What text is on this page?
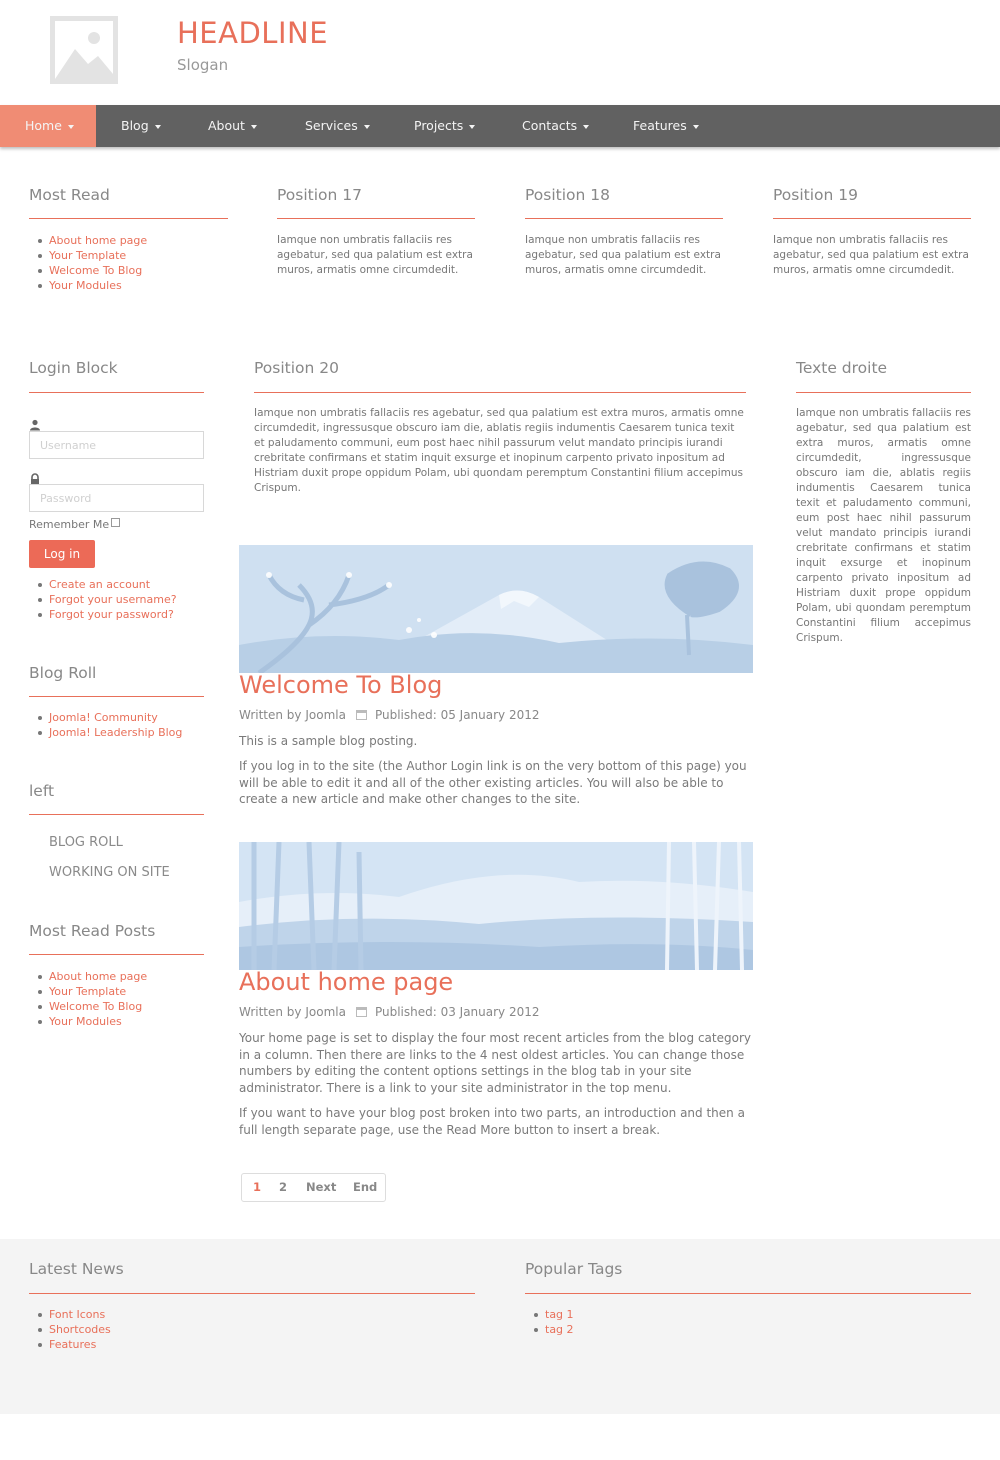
HEADLINE
Slogan
Home	Blog	About	Services	Projects	Contacts	Features
Most Read
About home page
Your Template
Welcome To Blog
Your Modules
Position 17
Iamque non umbratis fallaciis res agebatur, sed qua palatium est extra muros, armatis omne circumdedit.
Position 18
Iamque non umbratis fallaciis res agebatur, sed qua palatium est extra muros, armatis omne circumdedit.
Position 19
Iamque non umbratis fallaciis res agebatur, sed qua palatium est extra muros, armatis omne circumdedit.
Login Block
Username
Remember Me
Log in
Create an account
Forgot your username?
Forgot your password?
Blog Roll
Joomla! Community
Joomla! Leadership Blog
left
BLOG ROLL
WORKING ON SITE
Most Read Posts
About home page
Your Template
Welcome To Blog
Your Modules
Position 20
Iamque non umbratis fallaciis res agebatur, sed qua palatium est extra muros, armatis omne circumdedit, ingressusque obscuro iam die, ablatis regiis indumentis Caesarem tunica texit et paludamento communi, eum post haec nihil passurum velut mandato principis iurandi crebritate confirmans et statim inquit exsurge et inopinum carpento privato inpositum ad Histriam duxit prope oppidum Polam, ubi quondam peremptum Constantini filium accepimus Crispum.
Welcome To Blog
Written by Joomla Published: 05 January 2012
This is a sample blog posting.
If you log in to the site (the Author Login link is on the very bottom of this page) you will be able to edit it and all of the other existing articles. You will also be able to create a new article and make other changes to the site.
About home page
Written by Joomla Published: 03 January 2012
Your home page is set to display the four most recent articles from the blog category in a column. Then there are links to the 4 nest oldest articles. You can change those numbers by editing the content options settings in the blog tab in your site administrator. There is a link to your site administrator in the top menu.
If you want to have your blog post broken into two parts, an introduction and then a full length separate page, use the Read More button to insert a break.
1 2 Next End
Texte droite
Iamque non umbratis fallaciis res agebatur, sed qua palatium est extra muros, armatis omne circumdedit, ingressusque obscuro iam die, ablatis regiis indumentis Caesarem tunica texit et paludamento communi, eum post haec nihil passurum velut mandato principis iurandi crebritate confirmans et statim inquit exsurge et inopinum carpento privato inpositum ad Histriam duxit prope oppidum Polam, ubi quondam peremptum Constantini filium accepimus Crispum.
Latest News
Font Icons
Shortcodes
Features
Popular Tags
tag 1
tag 2
